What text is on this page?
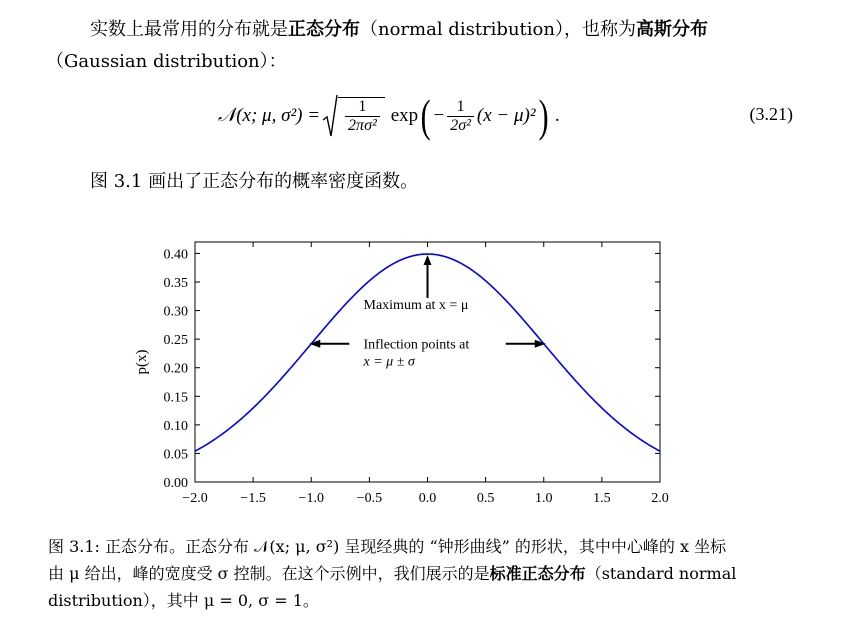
实数上最常用的分布就是正态分布（normal distribution），也称为高斯分布
（Gaussian distribution）：
𝒩(x; μ, $\sigma^2) = \frac{1}{\text{2πσ²}}$ exp ( − $\frac{1}{\text{2σ²}} (x - \mu)^2$ ) .	(3.21)
图 3.1 画出了正态分布的概率密度函数。
0.00
0.05
0.10
0.15
0.20
0.25
0.30
0.35
0.40
−2.0 −1.5 −1.0 −0.5	0.0	0.5	1.0	1.5	2.0
p(x)
Maximum at x = μ
Inflection points at
x = μ ± σ
图 3.1: 正态分布。正态分布 𝒩(x; μ, σ²) 呈现经典的 “钟形曲线” 的形状，其中中心峰的 x 坐标
由 μ 给出，峰的宽度受 σ 控制。在这个示例中，我们展示的是标准正态分布（standard normal
distribution），其中 μ = 0, σ = 1。
